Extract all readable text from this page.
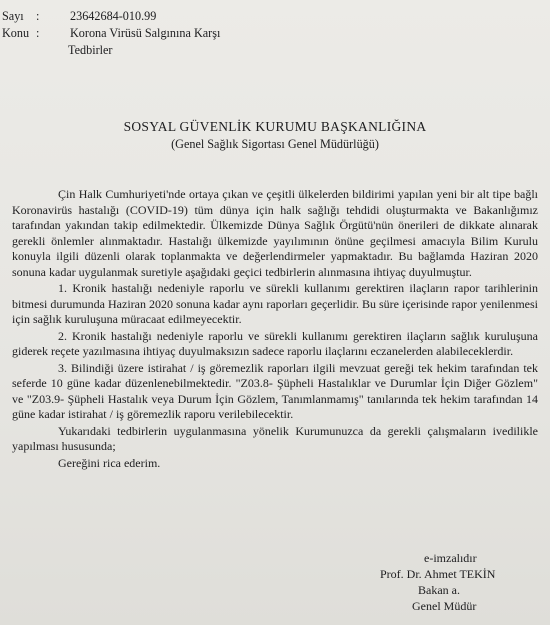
Sayı	:	23642684-010.99
Konu :	Korona Virüsü Salgınına Karşı
Tedbirler
SOSYAL GÜVENLİK KURUMU BAŞKANLIĞINA
(Genel Sağlık Sigortası Genel Müdürlüğü)

Çin Halk Cumhuriyeti'nde ortaya çıkan ve çeşitli ülkelerden bildirimi yapılan yeni bir alt tipe bağlı Koronavirüs hastalığı (COVID-19) tüm dünya için halk sağlığı tehdidi oluşturmakta ve Bakanlığımız tarafından yakından takip edilmektedir. Ülkemizde Dünya Sağlık Örgütü'nün önerileri de dikkate alınarak gerekli önlemler alınmaktadır. Hastalığı ülkemizde yayılımının önüne geçilmesi amacıyla Bilim Kurulu konuyla ilgili düzenli olarak toplanmakta ve değerlendirmeler yapmaktadır. Bu bağlamda Haziran 2020 sonuna kadar uygulanmak suretiyle aşağıdaki geçici tedbirlerin alınmasına ihtiyaç duyulmuştur.

1. Kronik hastalığı nedeniyle raporlu ve sürekli kullanımı gerektiren ilaçların rapor tarihlerinin bitmesi durumunda Haziran 2020 sonuna kadar aynı raporları geçerlidir. Bu süre içerisinde rapor yenilenmesi için sağlık kuruluşuna müracaat edilmeyecektir.

2. Kronik hastalığı nedeniyle raporlu ve sürekli kullanımı gerektiren ilaçların sağlık kuruluşuna giderek reçete yazılmasına ihtiyaç duyulmaksızın sadece raporlu ilaçlarını eczanelerden alabileceklerdir.

3. Bilindiği üzere istirahat / iş göremezlik raporları ilgili mevzuat gereği tek hekim tarafından tek seferde 10 güne kadar düzenlenebilmektedir. "Z03.8- Şüpheli Hastalıklar ve Durumlar İçin Diğer Gözlem" ve "Z03.9- Şüpheli Hastalık veya Durum İçin Gözlem, Tanımlanmamış" tanılarında tek hekim tarafından 14 güne kadar istirahat / iş göremezlik raporu verilebilecektir.

Yukarıdaki tedbirlerin uygulanmasına yönelik Kurumunuzca da gerekli çalışmaların ivedilikle yapılması hususunda;

Gereğini rica ederim.

e-imzalıdır
Prof. Dr. Ahmet TEKİN
Bakan a.
Genel Müdür
